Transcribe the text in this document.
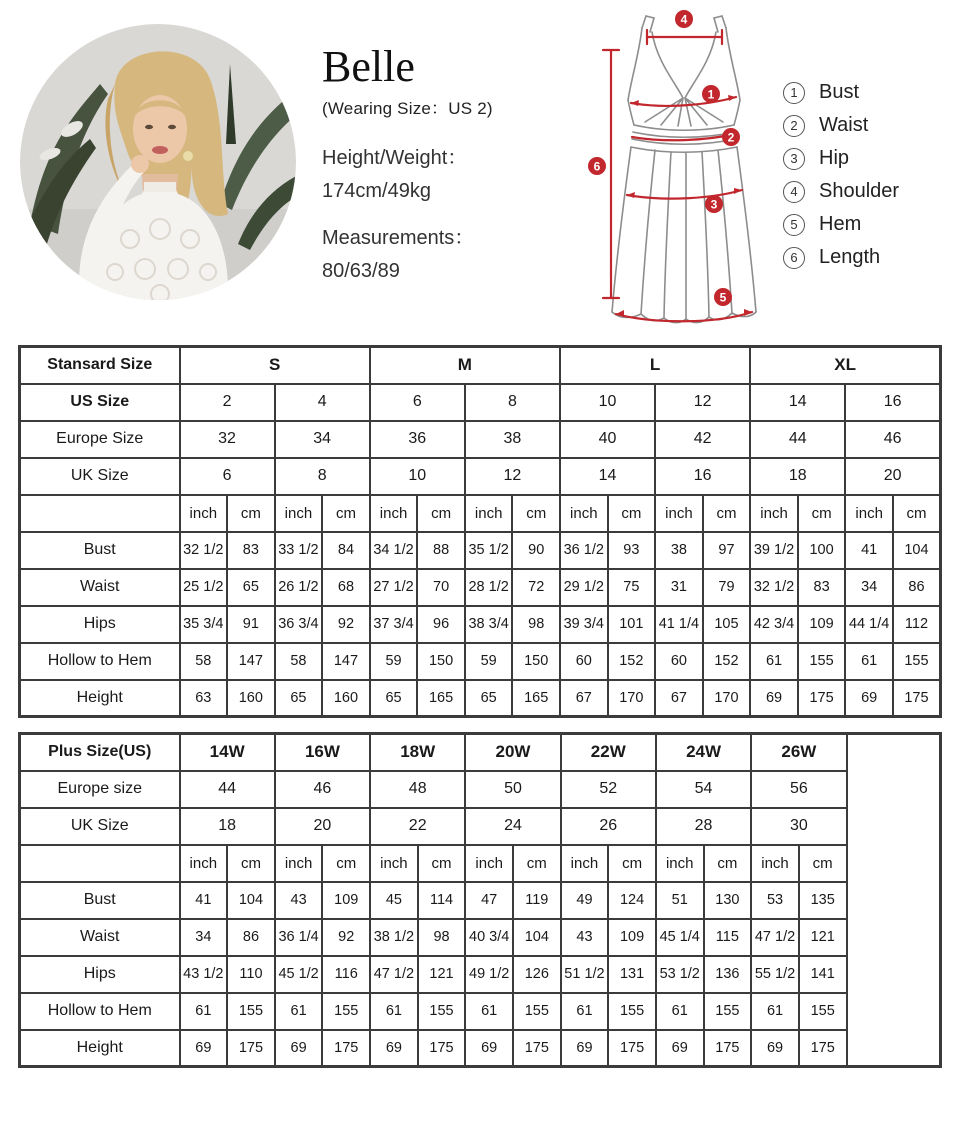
Belle
(Wearing Size：US 2)
Height/Weight：
174cm/49kg
Measurements：
80/63/89
4
6
1
2
3
5
1	Bust
2	Waist
3	Hip
4	Shoulder
5	Hem
6	Length
Stansard Size	S				M				L				XL			
US Size	2		4		6		8		10		12		14		16	
Europe Size	32		34		36		38		40		42		44		46	
UK Size	6		8		10		12		14		16		18		20	
	inch	cm	inch	cm	inch	cm	inch	cm	inch	cm	inch	cm	inch	cm	inch	cm
Bust	32 1/2	83	33 1/2	84	34 1/2	88	35 1/2	90	36 1/2	93	38	97	39 1/2	100	41	104
Waist	25 1/2	65	26 1/2	68	27 1/2	70	28 1/2	72	29 1/2	75	31	79	32 1/2	83	34	86
Hips	35 3/4	91	36 3/4	92	37 3/4	96	38 3/4	98	39 3/4	101	41 1/4	105	42 3/4	109	44 1/4	112
Hollow to Hem	58	147	58	147	59	150	59	150	60	152	60	152	61	155	61	155
Height	63	160	65	160	65	165	65	165	67	170	67	170	69	175	69	175
Plus Size(US)	14W		16W		18W		20W		22W		24W		26W		
Europe size	44		46		48		50		52		54		56		
UK Size	18		20		22		24		26		28		30		
	inch	cm	inch	cm	inch	cm	inch	cm	inch	cm	inch	cm	inch	cm	
Bust	41	104	43	109	45	114	47	119	49	124	51	130	53	135	
Waist	34	86	36 1/4	92	38 1/2	98	40 3/4	104	43	109	45 1/4	115	47 1/2	121	
Hips	43 1/2	110	45 1/2	116	47 1/2	121	49 1/2	126	51 1/2	131	53 1/2	136	55 1/2	141	
Hollow to Hem	61	155	61	155	61	155	61	155	61	155	61	155	61	155	
Height	69	175	69	175	69	175	69	175	69	175	69	175	69	175	
